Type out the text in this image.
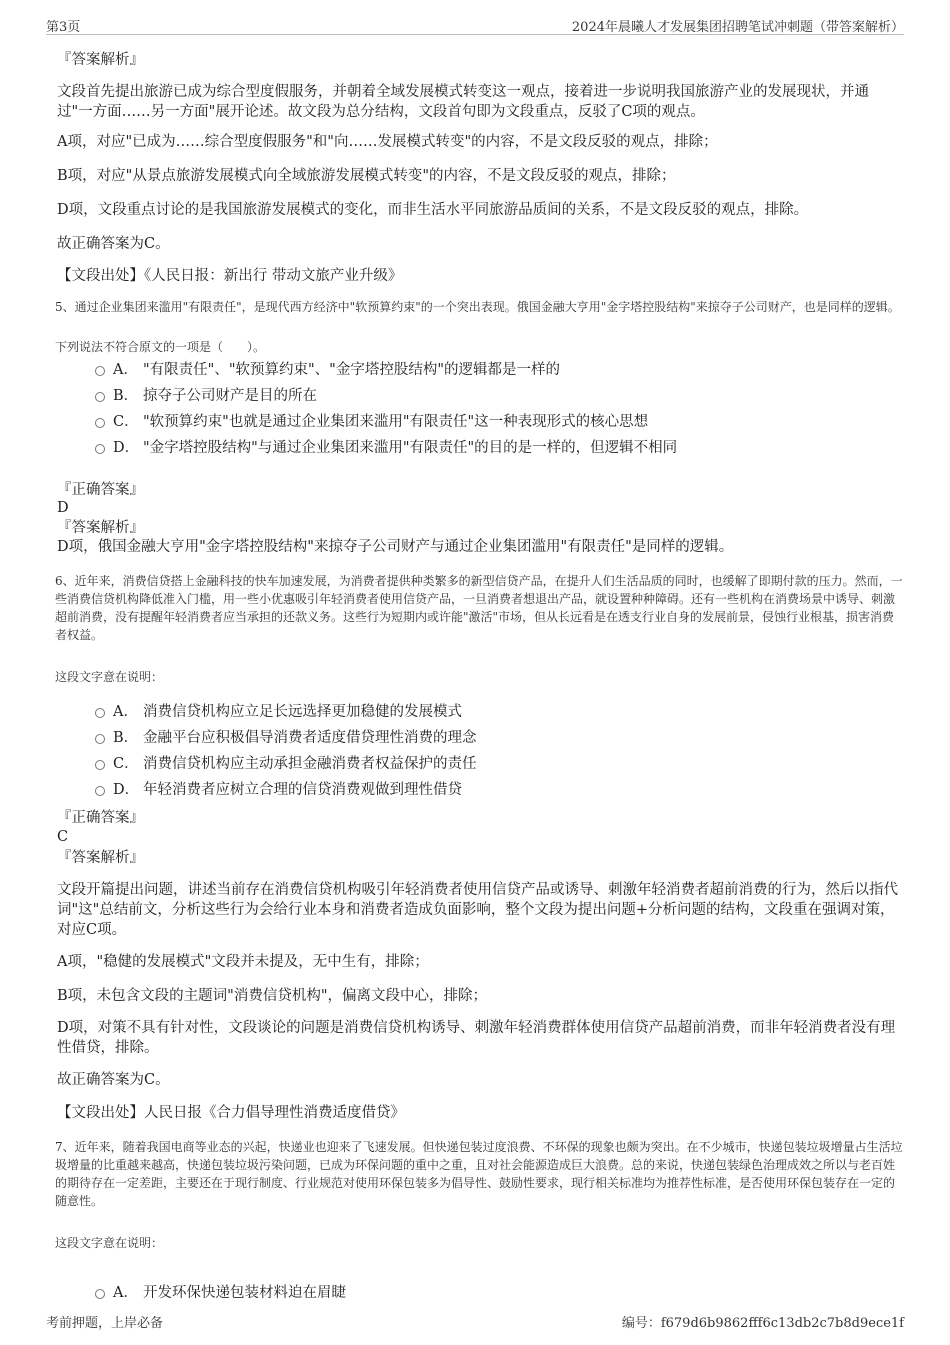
第3页	2024年晨曦人才发展集团招聘笔试冲刺题（带答案解析）
『答案解析』

文段首先提出旅游已成为综合型度假服务，并朝着全域发展模式转变这一观点，接着进一步说明我国旅游产业的发展现状，并通过"一方面……另一方面"展开论述。故文段为总分结构，文段首句即为文段重点，反驳了C项的观点。

A项，对应"已成为……综合型度假服务"和"向……发展模式转变"的内容，不是文段反驳的观点，排除；

B项，对应"从景点旅游发展模式向全域旅游发展模式转变"的内容，不是文段反驳的观点，排除；

D项，文段重点讨论的是我国旅游发展模式的变化，而非生活水平同旅游品质间的关系，不是文段反驳的观点，排除。

故正确答案为C。

【文段出处】《人民日报：新出行 带动文旅产业升级》

5、通过企业集团来滥用"有限责任"，是现代西方经济中"软预算约束"的一个突出表现。俄国金融大亨用"金字塔控股结构"来掠夺子公司财产，也是同样的逻辑。

下列说法不符合原文的一项是（　　）。

A． "有限责任"、"软预算约束"、"金字塔控股结构"的逻辑都是一样的
B． 掠夺子公司财产是目的所在
C． "软预算约束"也就是通过企业集团来滥用"有限责任"这一种表现形式的核心思想
D． "金字塔控股结构"与通过企业集团来滥用"有限责任"的目的是一样的，但逻辑不相同
『正确答案』
D
『答案解析』

D项，俄国金融大亨用"金字塔控股结构"来掠夺子公司财产与通过企业集团滥用"有限责任"是同样的逻辑。

6、近年来，消费信贷搭上金融科技的快车加速发展，为消费者提供种类繁多的新型信贷产品，在提升人们生活品质的同时，也缓解了即期付款的压力。然而，一些消费信贷机构降低准入门槛，用一些小优惠吸引年轻消费者使用信贷产品，一旦消费者想退出产品，就设置种种障碍。还有一些机构在消费场景中诱导、刺激超前消费，没有提醒年轻消费者应当承担的还款义务。这些行为短期内或许能"激活"市场，但从长远看是在透支行业自身的发展前景，侵蚀行业根基，损害消费者权益。

这段文字意在说明：

A． 消费信贷机构应立足长远选择更加稳健的发展模式
B． 金融平台应积极倡导消费者适度借贷理性消费的理念
C． 消费信贷机构应主动承担金融消费者权益保护的责任
D． 年轻消费者应树立合理的信贷消费观做到理性借贷
『正确答案』
C
『答案解析』

文段开篇提出问题，讲述当前存在消费信贷机构吸引年轻消费者使用信贷产品或诱导、刺激年轻消费者超前消费的行为，然后以指代词"这"总结前文，分析这些行为会给行业本身和消费者造成负面影响，整个文段为提出问题+分析问题的结构，文段重在强调对策，对应C项。

A项，"稳健的发展模式"文段并未提及，无中生有，排除；

B项，未包含文段的主题词"消费信贷机构"，偏离文段中心，排除；

D项，对策不具有针对性，文段谈论的问题是消费信贷机构诱导、刺激年轻消费群体使用信贷产品超前消费，而非年轻消费者没有理性借贷，排除。

故正确答案为C。

【文段出处】人民日报《合力倡导理性消费适度借贷》

7、近年来，随着我国电商等业态的兴起，快递业也迎来了飞速发展。但快递包装过度浪费、不环保的现象也颇为突出。在不少城市，快递包装垃圾增量占生活垃圾增量的比重越来越高，快递包装垃圾污染问题，已成为环保问题的重中之重，且对社会能源造成巨大浪费。总的来说，快递包装绿色治理成效之所以与老百姓的期待存在一定差距，主要还在于现行制度、行业规范对使用环保包装多为倡导性、鼓励性要求，现行相关标准均为推荐性标准，是否使用环保包装存在一定的随意性。

这段文字意在说明：

A． 开发环保快递包装材料迫在眉睫
考前押题，上岸必备	编号：f679d6b9862fff6c13db2c7b8d9ece1f
